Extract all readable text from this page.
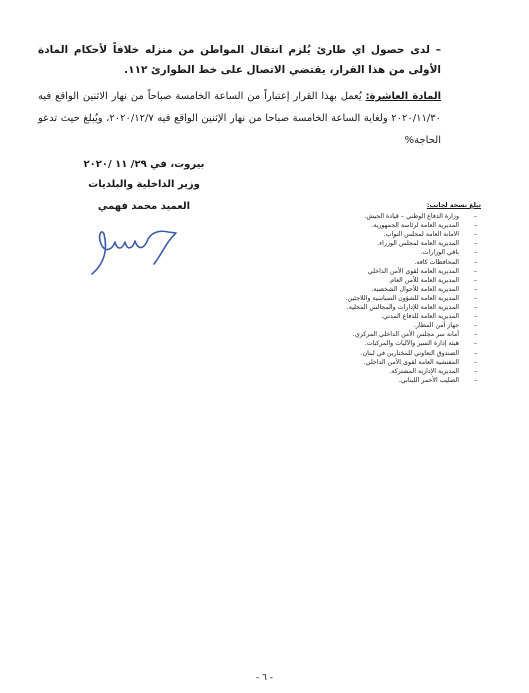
– لدى حصول اي طارئ يُلزم انتقال المواطن من منزله خلافاً لأحكام المادة الأولى من هذا القرار، يقتضي الاتصال على خط الطوارئ ١١٢.
المادة العاشرة: يُعمل بهذا القرار إعتباراً من الساعة الخامسة صباحاً من نهار الاثنين الواقع فيه ٢٠٢٠/١١/٣٠ ولغاية الساعة الخامسة صباحا من نهار الإثنين الواقع فيه ٢٠٢٠/١٢/٧، ويُبلغ حيث تدعو الحاجة%
بيروت، في ٢٩/ ١١ /٢٠٢٠
وزير الداخلية والبلديات
العميد محمد فهمي	تبلغ نسخة لجانب:
– وزارة الدفاع الوطني – قيادة الجيش.
– المديرية العامة لرئاسة الجمهورية.
– الامانة العامة لمجلس النواب.
– المديرية العامة لمجلس الوزراء.
– باقي الوزارات.
– المحافظات كافة.
– المديرية العامة لقوى الأمن الداخلي
– المديرية العامة للأمن العام.
– المديرية العامة للأحوال الشخصية.
– المديرية العامة للشؤون السياسية واللاجئين.
– المديرية العامة للإدارات والمجالس المحلية.
– المديرية العامة للدفاع المدني.
– جهاز أمن المطار.
– أمانة سر مجلس الأمن الداخلي المركزي.
– هيئة إدارة السير والآليات والمركبات.
– الصندوق التعاوني للمختارين في لبنان.
– المفتشية العامة لقوى الأمن الداخلي.
– المديرية الإدارية المشتركة.
– الصليب الأحمر اللبناني.
- ٦ -
